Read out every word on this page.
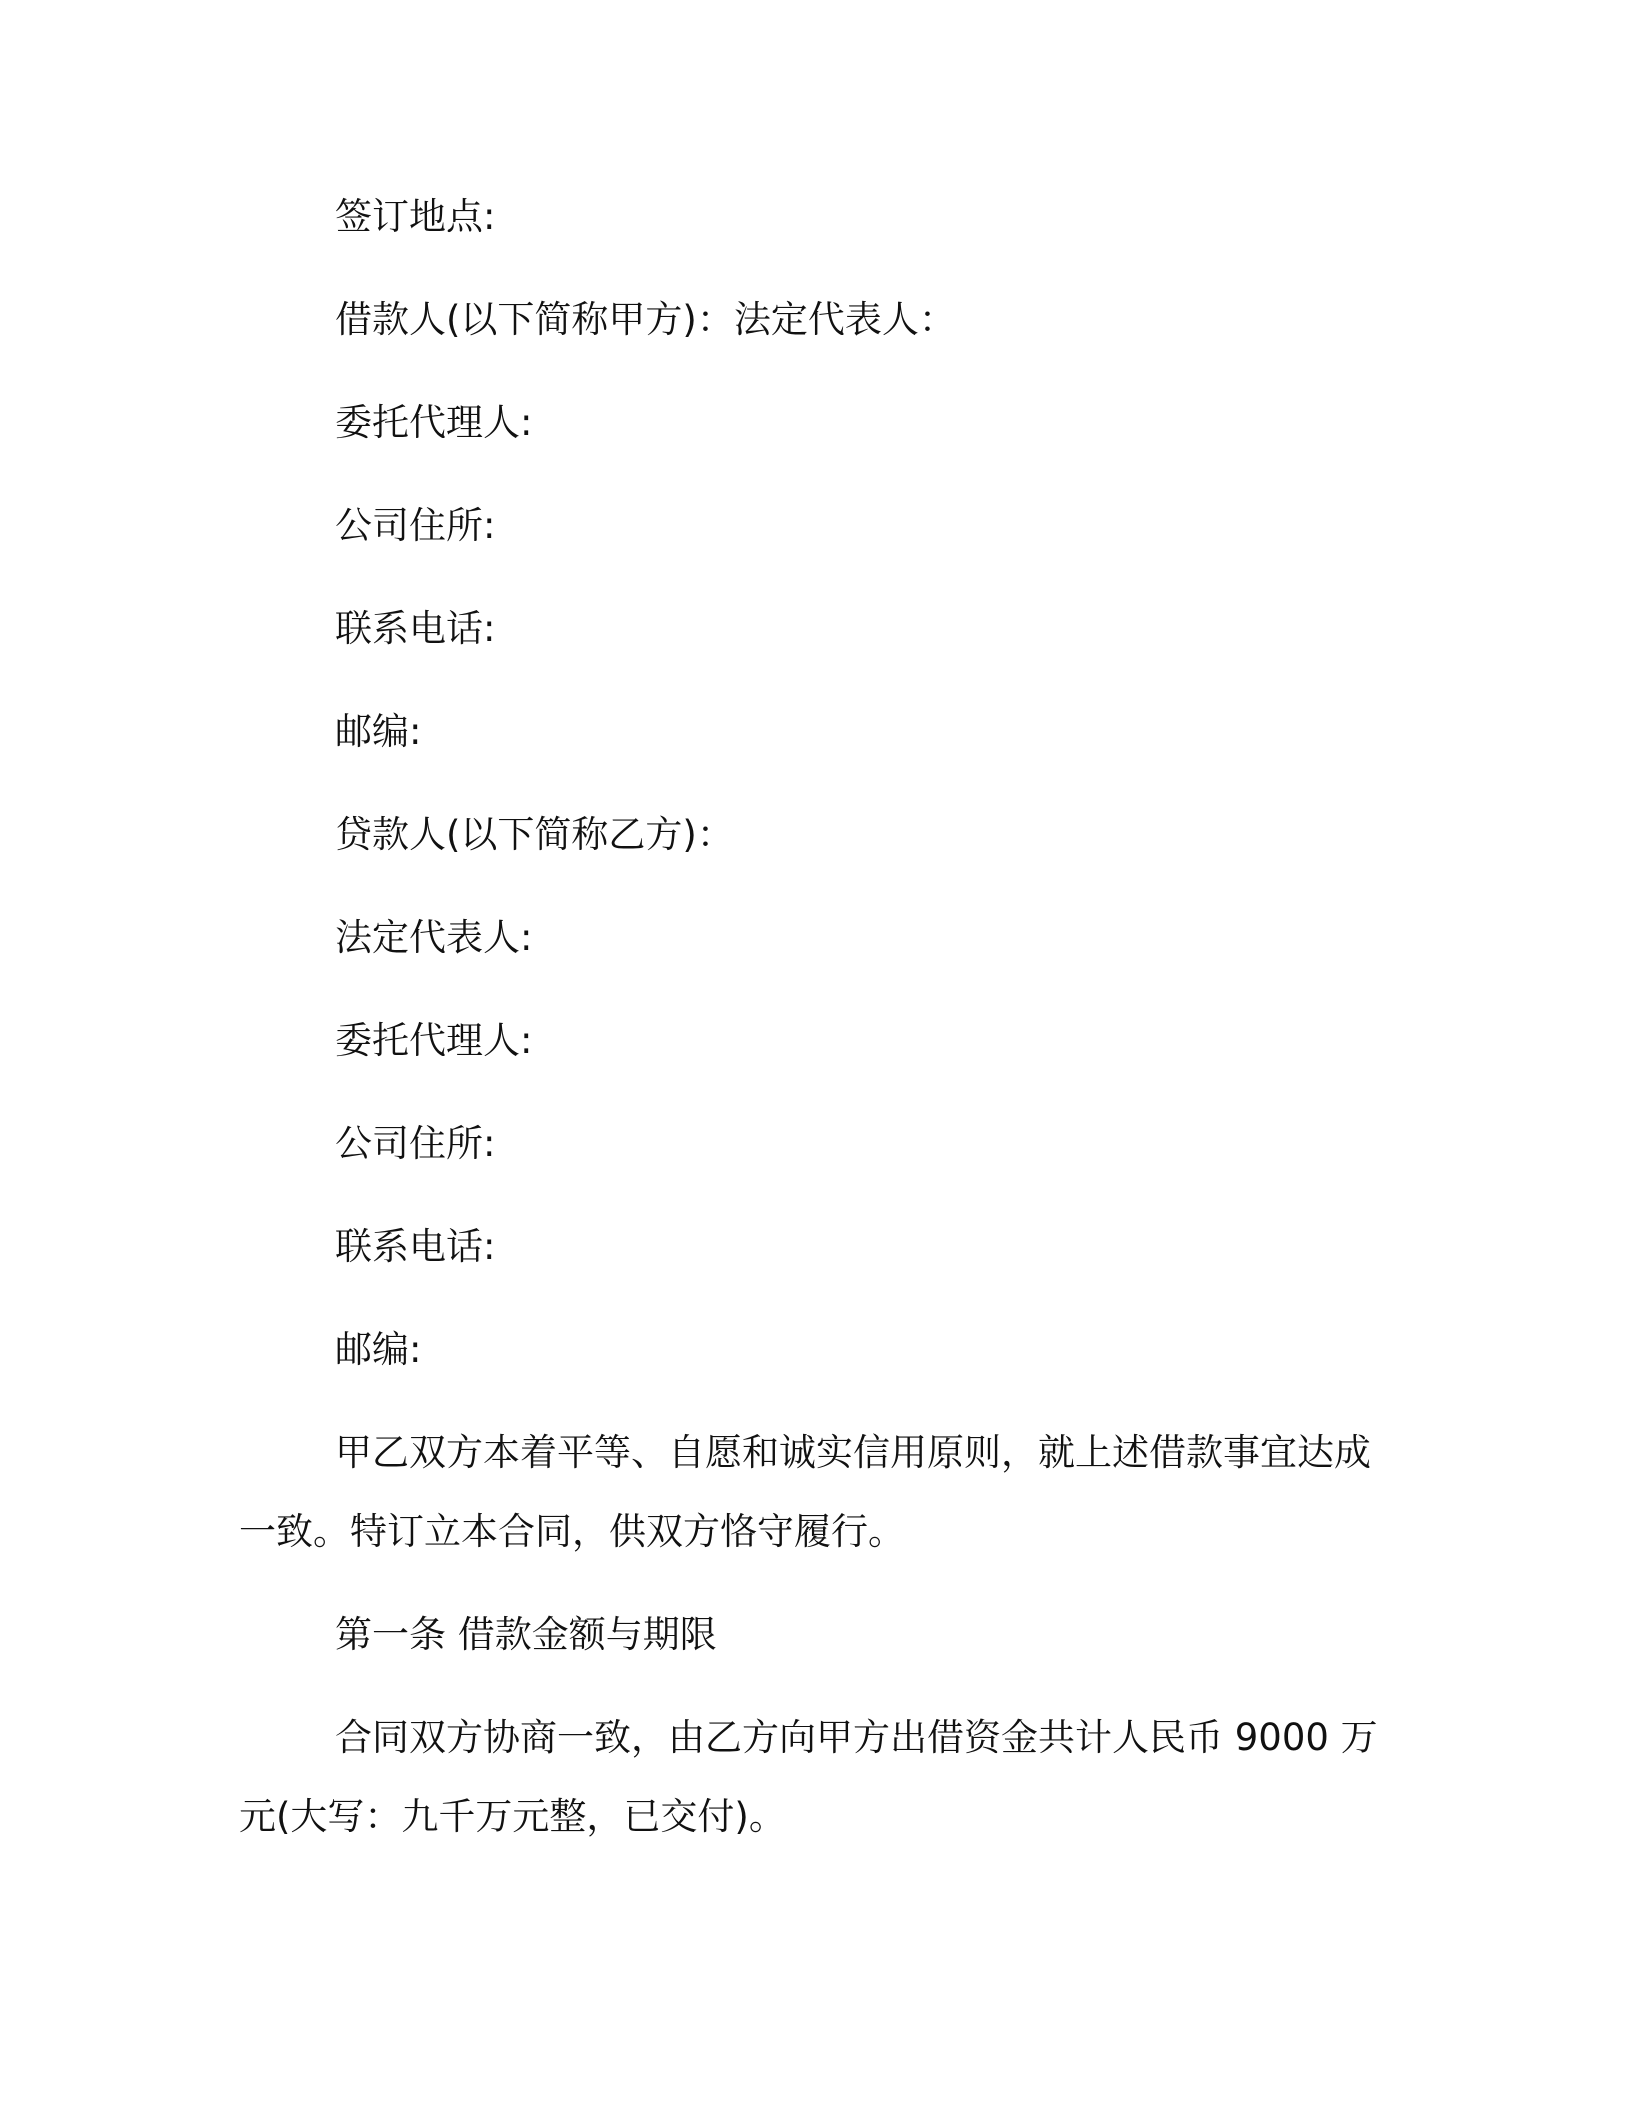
签订地点:
借款人(以下简称甲方)：法定代表人：
委托代理人:
公司住所:
联系电话:
邮编:
贷款人(以下简称乙方)：
法定代表人:
委托代理人:
公司住所:
联系电话:
邮编:
甲乙双方本着平等、自愿和诚实信用原则，就上述借款事宜达成
一致。特订立本合同，供双方恪守履行。
第一条 借款金额与期限
合同双方协商一致，由乙方向甲方出借资金共计人民币 9000 万
元(大写：九千万元整，已交付)。
